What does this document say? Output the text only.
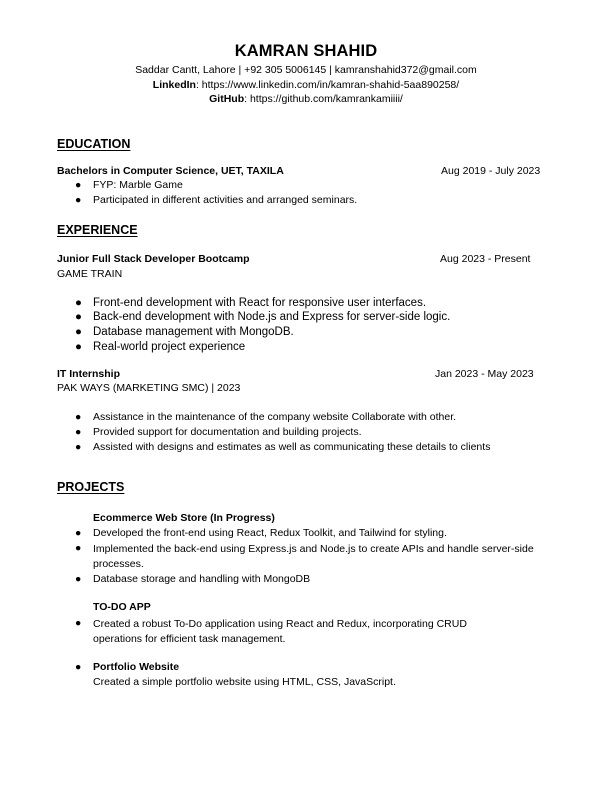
KAMRAN SHAHID
Saddar Cantt, Lahore | +92 305 5006145 | kamranshahid372@gmail.com
LinkedIn: https://www.linkedin.com/in/kamran-shahid-5aa890258/
GitHub: https://github.com/kamrankamiiii/
EDUCATION
Bachelors in Computer Science, UET, TAXILA	Aug 2019 - July 2023
● FYP: Marble Game
● Participated in different activities and arranged seminars.
EXPERIENCE
Junior Full Stack Developer Bootcamp	Aug 2023 - Present
GAME TRAIN
● Front-end development with React for responsive user interfaces.
● Back-end development with Node.js and Express for server-side logic.
● Database management with MongoDB.
● Real-world project experience
IT Internship	Jan 2023 - May 2023
PAK WAYS (MARKETING SMC) | 2023
● Assistance in the maintenance of the company website Collaborate with other.
● Provided support for documentation and building projects.
● Assisted with designs and estimates as well as communicating these details to clients
PROJECTS
Ecommerce Web Store (In Progress)
● Developed the front-end using React, Redux Toolkit, and Tailwind for styling.
● Implemented the back-end using Express.js and Node.js to create APIs and handle server-side processes.
● Database storage and handling with MongoDB
TO-DO APP
● Created a robust To-Do application using React and Redux, incorporating CRUD operations for efficient task management.
● Portfolio Website
Created a simple portfolio website using HTML, CSS, JavaScript.
